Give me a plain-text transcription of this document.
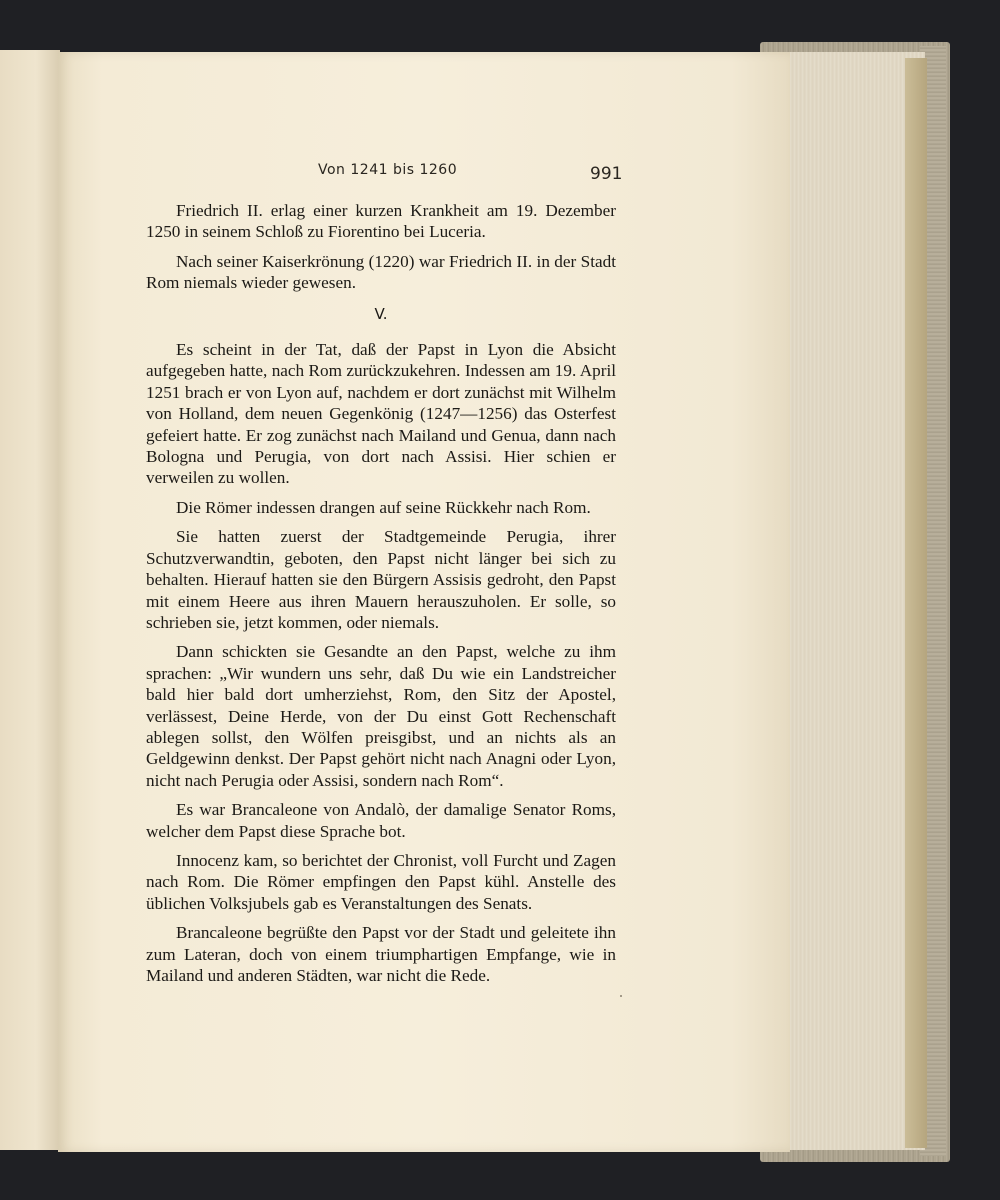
Von 1241 bis 1260	991

Friedrich II. erlag einer kurzen Krankheit am 19. Dezember 1250 in seinem Schloß zu Fiorentino bei Luceria.

Nach seiner Kaiserkrönung (1220) war Friedrich II. in der Stadt Rom niemals wieder gewesen.

V.

Es scheint in der Tat, daß der Papst in Lyon die Absicht aufgegeben hatte, nach Rom zurückzukehren. Indessen am 19. April 1251 brach er von Lyon auf, nachdem er dort zunächst mit Wilhelm von Holland, dem neuen Gegenkönig (1247—1256) das Osterfest gefeiert hatte. Er zog zunächst nach Mailand und Genua, dann nach Bologna und Perugia, von dort nach Assisi. Hier schien er verweilen zu wollen.

Die Römer indessen drangen auf seine Rückkehr nach Rom.

Sie hatten zuerst der Stadtgemeinde Perugia, ihrer Schutzverwandtin, geboten, den Papst nicht länger bei sich zu behalten. Hierauf hatten sie den Bürgern Assisis gedroht, den Papst mit einem Heere aus ihren Mauern herauszuholen. Er solle, so schrieben sie, jetzt kommen, oder niemals.

Dann schickten sie Gesandte an den Papst, welche zu ihm sprachen: „Wir wundern uns sehr, daß Du wie ein Landstreicher bald hier bald dort umherziehst, Rom, den Sitz der Apostel, verlässest, Deine Herde, von der Du einst Gott Rechenschaft ablegen sollst, den Wölfen preisgibst, und an nichts als an Geldgewinn denkst. Der Papst gehört nicht nach Anagni oder Lyon, nicht nach Perugia oder Assisi, sondern nach Rom“.

Es war Brancaleone von Andalò, der damalige Senator Roms, welcher dem Papst diese Sprache bot.

Innocenz kam, so berichtet der Chronist, voll Furcht und Zagen nach Rom. Die Römer empfingen den Papst kühl. Anstelle des üblichen Volksjubels gab es Veranstaltungen des Senats.

Brancaleone begrüßte den Papst vor der Stadt und geleitete ihn zum Lateran, doch von einem triumphartigen Empfange, wie in Mailand und anderen Städten, war nicht die Rede.
